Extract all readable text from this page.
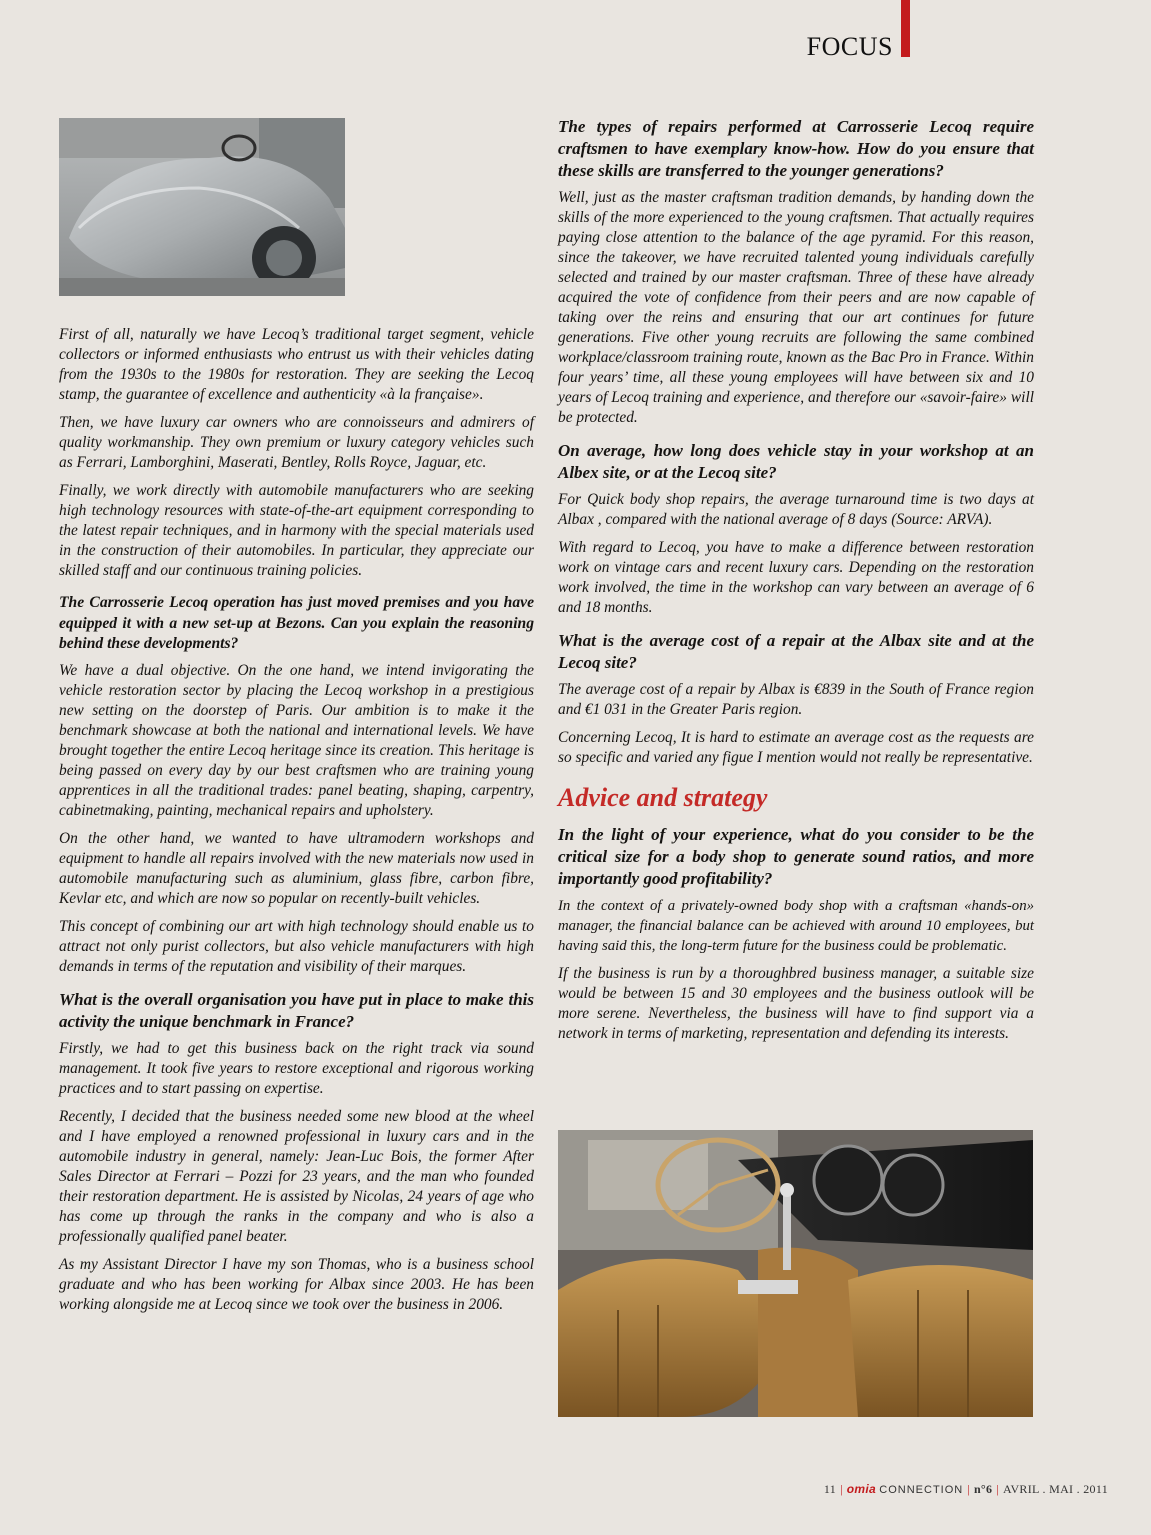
FOCUS

First of all, naturally we have Lecoq’s traditional target segment, vehicle collectors or informed enthusiasts who entrust us with their vehicles dating from the 1930s to the 1980s for restoration. They are seeking the Lecoq stamp, the guarantee of excellence and authenticity «à la française».

Then, we have luxury car owners who are connoisseurs and admirers of quality workmanship. They own premium or luxury category vehicles such as Ferrari, Lamborghini, Maserati, Bentley, Rolls Royce, Jaguar, etc.

Finally, we work directly with automobile manufacturers who are seeking high technology resources with state-of-the-art equipment corresponding to the latest repair techniques, and in harmony with the special materials used in the construction of their automobiles. In particular, they appreciate our skilled staff and our continuous training policies.

The Carrosserie Lecoq operation has just moved premises and you have equipped it with a new set-up at Bezons. Can you explain the reasoning behind these developments?

We have a dual objective. On the one hand, we intend invigorating the vehicle restoration sector by placing the Lecoq workshop in a prestigious new setting on the doorstep of Paris. Our ambition is to make it the benchmark showcase at both the national and international levels. We have brought together the entire Lecoq heritage since its creation. This heritage is being passed on every day by our best craftsmen who are training young apprentices in all the traditional trades: panel beating, shaping, carpentry, cabinetmaking, painting, mechanical repairs and upholstery.

On the other hand, we wanted to have ultramodern workshops and equipment to handle all repairs involved with the new materials now used in automobile manufacturing such as aluminium, glass fibre, carbon fibre, Kevlar etc, and which are now so popular on recently-built vehicles.

This concept of combining our art with high technology should enable us to attract not only purist collectors, but also vehicle manufacturers with high demands in terms of the reputation and visibility of their marques.

What is the overall organisation you have put in place to make this activity the unique benchmark in France?

Firstly, we had to get this business back on the right track via sound management. It took five years to restore exceptional and rigorous working practices and to start passing on expertise.

Recently, I decided that the business needed some new blood at the wheel and I have employed a renowned professional in luxury cars and in the automobile industry in general, namely: Jean-Luc Bois, the former After Sales Director at Ferrari – Pozzi for 23 years, and the man who founded their restoration department. He is assisted by Nicolas, 24 years of age who has come up through the ranks in the company and who is also a professionally qualified panel beater.

As my Assistant Director I have my son Thomas, who is a business school graduate and who has been working for Albax since 2003. He has been working alongside me at Lecoq since we took over the business in 2006.

The types of repairs performed at Carrosserie Lecoq require craftsmen to have exemplary know-how. How do you ensure that these skills are transferred to the younger generations?

Well, just as the master craftsman tradition demands, by handing down the skills of the more experienced to the young craftsmen. That actually requires paying close attention to the balance of the age pyramid. For this reason, since the takeover, we have recruited talented young individuals carefully selected and trained by our master craftsman. Three of these have already acquired the vote of confidence from their peers and are now capable of taking over the reins and ensuring that our art continues for future generations. Five other young recruits are following the same combined workplace/classroom training route, known as the Bac Pro in France. Within four years’ time, all these young employees will have between six and 10 years of Lecoq training and experience, and therefore our «savoir-faire» will be protected.

On average, how long does vehicle stay in your workshop at an Albex site, or at the Lecoq site?

For Quick body shop repairs, the average turnaround time is two days at Albax , compared with the national average of 8 days (Source: ARVA).

With regard to Lecoq, you have to make a difference between restoration work on vintage cars and recent luxury cars. Depending on the restoration work involved, the time in the workshop can vary between an average of 6 and 18 months.

What is the average cost of a repair at the Albax site and at the Lecoq site?

The average cost of a repair by Albax is €839 in the South of France region and €1 031 in the Greater Paris region.

Concerning Lecoq, It is hard to estimate an average cost as the requests are so specific and varied any figue I mention would not really be representative.

Advice and strategy

In the light of your experience, what do you consider to be the critical size for a body shop to generate sound ratios, and more importantly good profitability?

In the context of a privately-owned body shop with a craftsman «hands-on» manager, the financial balance can be achieved with around 10 employees, but having said this, the long-term future for the business could be problematic.

If the business is run by a thoroughbred business manager, a suitable size would be between 15 and 30 employees and the business outlook will be more serene. Nevertheless, the business will have to find support via a network in terms of marketing, representation and defending its interests.

11 | omia CONNECTION | n°6 | AVRIL . MAI . 2011
